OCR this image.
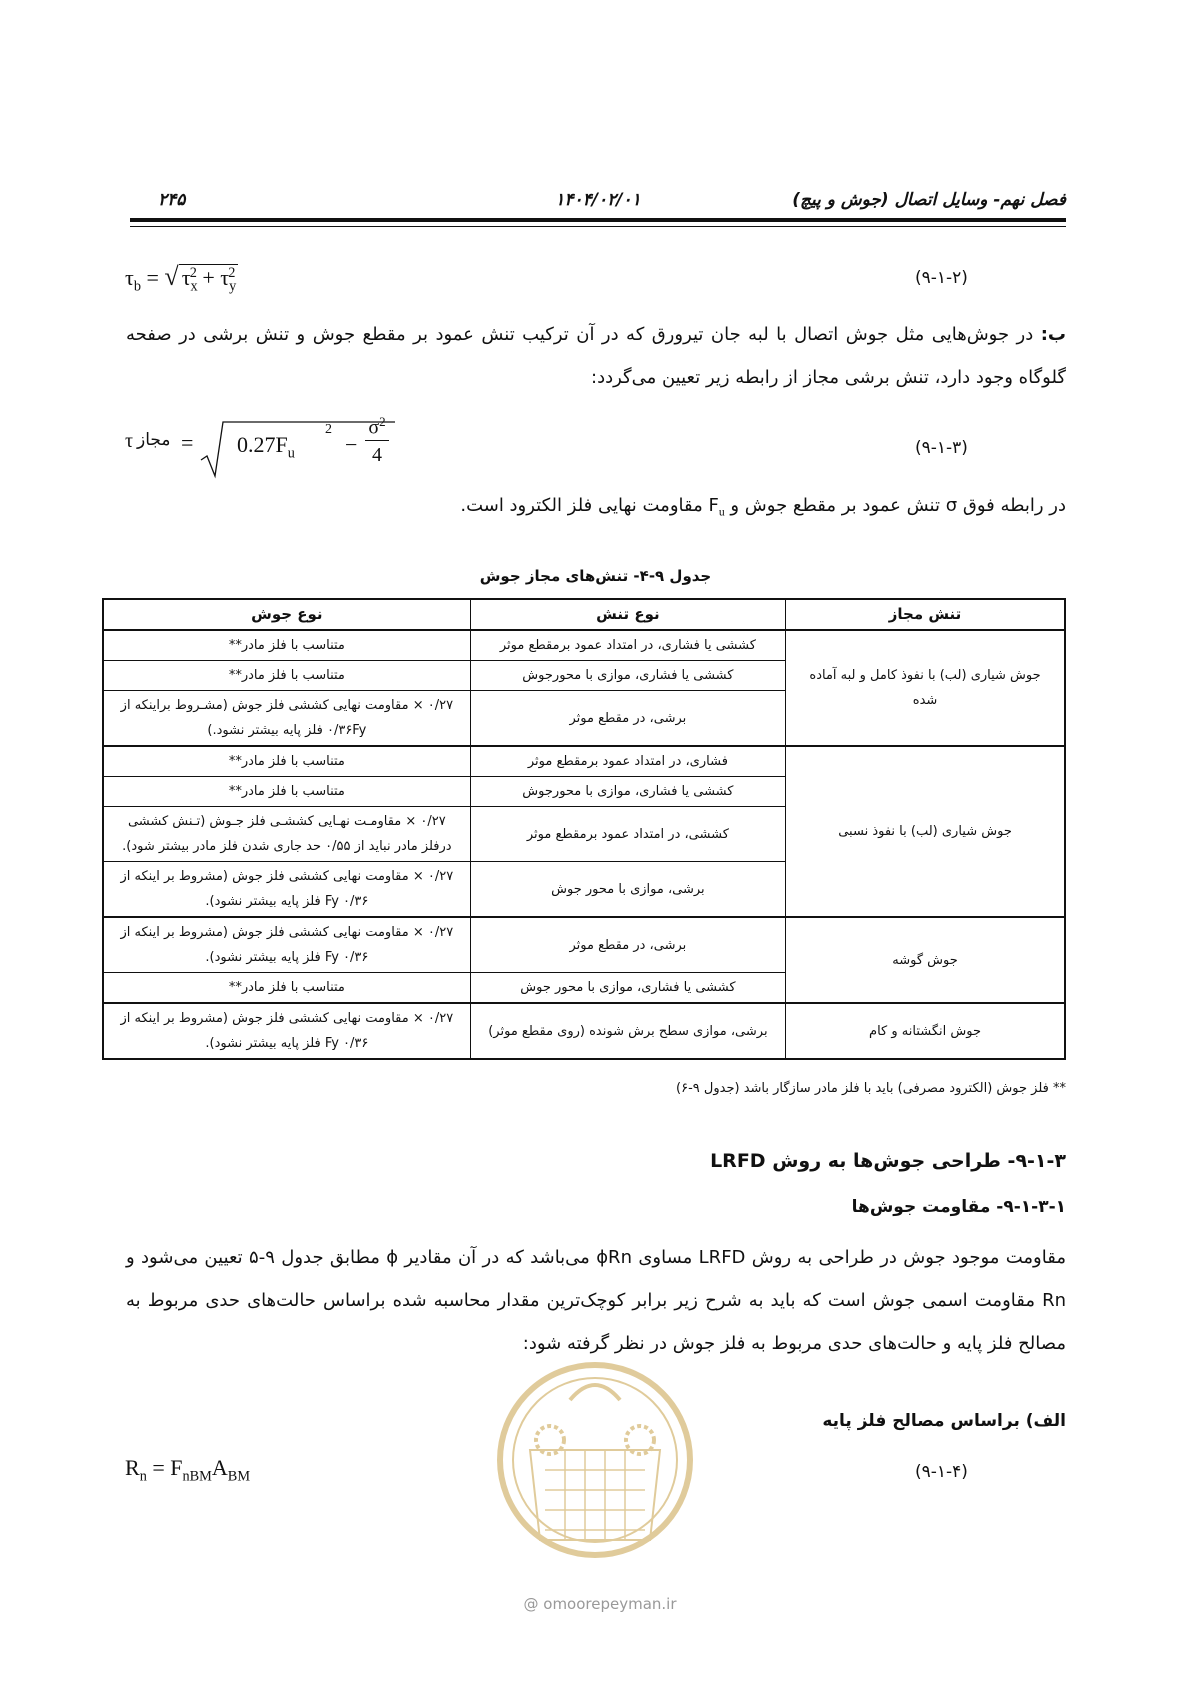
۲۴۵	۱۴۰۴/۰۲/۰۱	فصل نهم- وسایل اتصال (جوش و پیچ)
$\tau_b$ = √ $\tau_x^2 + \tau_y^2$	(۹-۱-۲)
ب: در جوش‌هایی مثل جوش اتصال با لبه جان تیرورق که در آن ترکیب تنش عمود بر مقطع جوش و تنش برشی در صفحه گلوگاه وجود دارد، تنش برشی مجاز از رابطه زیر تعیین می‌گردد:
τ مجاز = $0.27F_u$
2
−
$\sigma^2$
4	(۹-۱-۳)
در رابطه فوق σ تنش عمود بر مقطع جوش و $F_u$ مقاومت نهایی فلز الکترود است.
جدول ۹-۴- تنش‌های مجاز جوش
تنش مجاز	نوع تنش	نوع جوش
جوش شیاری (لب) با نفوذ کامل و لبه آماده شده	کششی یا فشاری، در امتداد عمود برمقطع موثر	متناسب با فلز مادر**
	کششی یا فشاری، موازی با محورجوش	متناسب با فلز مادر**
	برشی، در مقطع موثر	۰/۲۷ × مقاومت نهایی کششی فلز جوش (مشـروط براینکه از ۰/۳۶Fy فلز پایه بیشتر نشود.)
جوش شیاری (لب) با نفوذ نسبی	فشاری، در امتداد عمود برمقطع موثر	متناسب با فلز مادر**
	کششی یا فشاری، موازی با محورجوش	متناسب با فلز مادر**
	کششی، در امتداد عمود برمقطع موثر	۰/۲۷ × مقاومـت نهـایی کششـی فلز جـوش (تـنش کششی درفلز مادر نباید از ۰/۵۵ حد جاری شدن فلز مادر بیشتر شود).
	برشی، موازی با محور جوش	۰/۲۷ × مقاومت نهایی کششی فلز جوش (مشروط بر اینکه از ۰/۳۶ Fy فلز پایه بیشتر نشود).
جوش گوشه	برشی، در مقطع موثر	۰/۲۷ × مقاومت نهایی کششی فلز جوش (مشروط بر اینکه از ۰/۳۶ Fy فلز پایه بیشتر نشود).
	کششی یا فشاری، موازی با محور جوش	متناسب با فلز مادر**
جوش انگشتانه و کام	برشی، موازی سطح برش شونده (روی مقطع موثر)	۰/۲۷ × مقاومت نهایی کششی فلز جوش (مشروط بر اینکه از ۰/۳۶ Fy فلز پایه بیشتر نشود).
** فلز جوش (الکترود مصرفی) باید با فلز مادر سازگار باشد (جدول ۹-۶)
۹-۱-۳- طراحی جوش‌ها به روش LRFD
۹-۱-۳-۱- مقاومت جوش‌ها
مقاومت موجود جوش در طراحی به روش LRFD مساوی ϕRn می‌باشد که در آن مقادیر ϕ مطابق جدول ۹-۵ تعیین می‌شود و Rn مقاومت اسمی جوش است که باید به شرح زیر برابر کوچک‌ترین مقدار محاسبه شده براساس حالت‌های حدی مربوط به مصالح فلز پایه و حالت‌های حدی مربوط به فلز جوش در نظر گرفته شود:
الف) براساس مصالح فلز پایه
$R_n = F_{nBM}A_{BM}$	(۹-۱-۴)
@ omoorepeyman.ir
